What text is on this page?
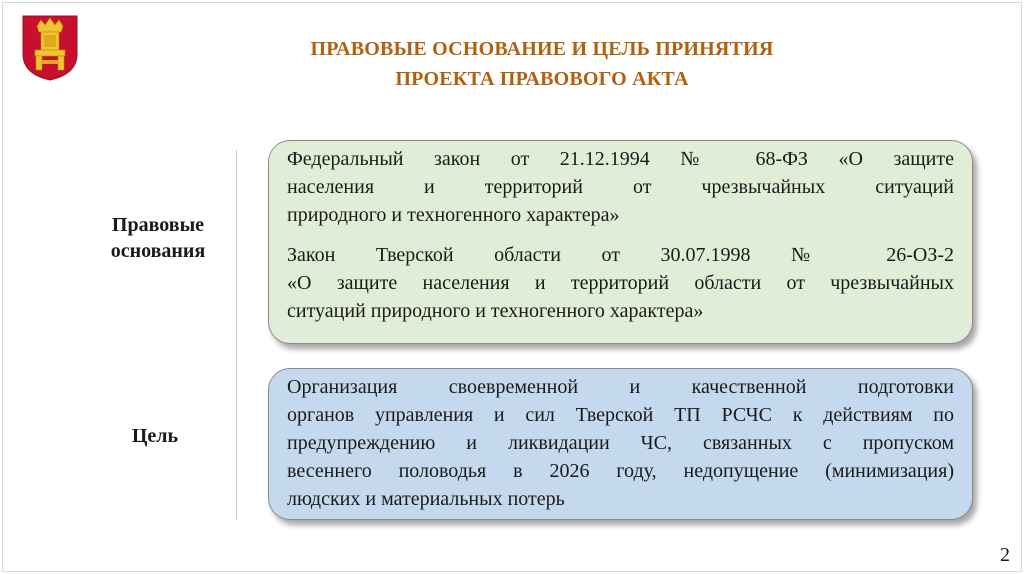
ПРАВОВЫЕ ОСНОВАНИЕ И ЦЕЛЬ ПРИНЯТИЯ
ПРОЕКТА ПРАВОВОГО АКТА
Правовые
основания
Цель

Федеральный закон от 21.12.1994 № 68-ФЗ «О защите
населения и территорий от чрезвычайных ситуаций
природного и техногенного характера»

Закон Тверской области от 30.07.1998 № 26-ОЗ-2
«О защите населения и территорий области от чрезвычайных
ситуаций природного и техногенного характера»

Организация своевременной и качественной подготовки
органов управления и сил Тверской ТП РСЧС к действиям по
предупреждению и ликвидации ЧС, связанных с пропуском
весеннего половодья в 2026 году, недопущение (минимизация)
людских и материальных потерь

2
